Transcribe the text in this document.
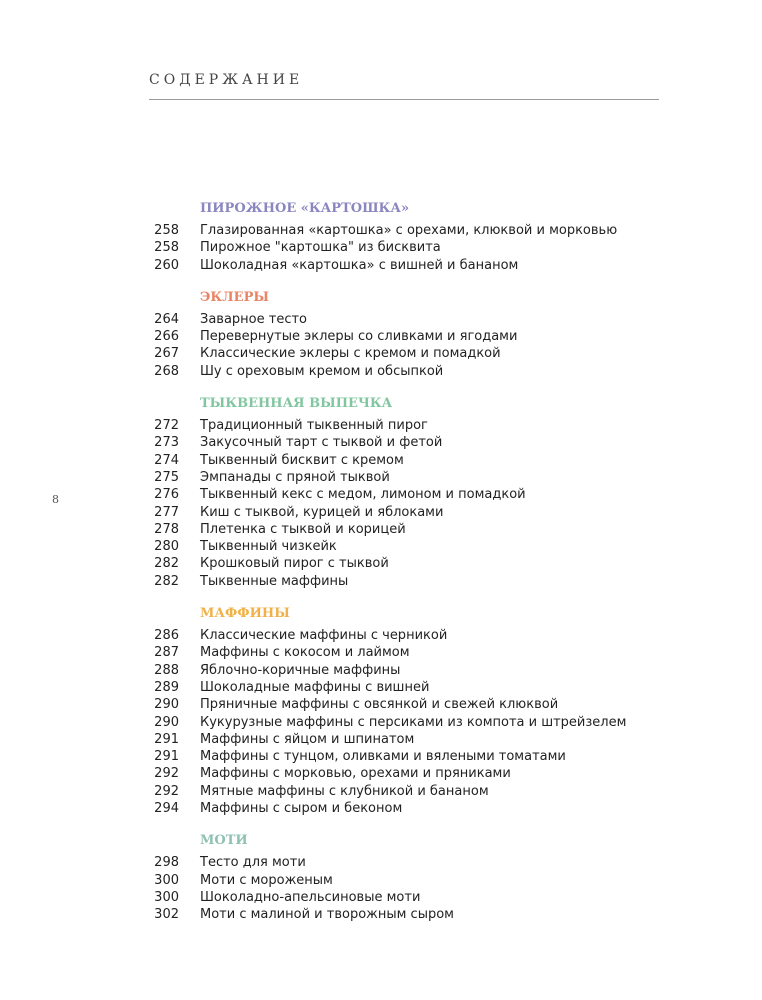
СОДЕРЖАНИЕ
8
ПИРОЖНОЕ «КАРТОШКА»
258	Глазированная «картошка» с орехами, клюквой и морковью
258	Пирожное "картошка" из бисквита
260	Шоколадная «картошка» с вишней и бананом
ЭКЛЕРЫ
264	Заварное тесто
266	Перевернутые эклеры со сливками и ягодами
267	Классические эклеры с кремом и помадкой
268	Шу с ореховым кремом и обсыпкой
ТЫКВЕННАЯ ВЫПЕЧКА
272	Традиционный тыквенный пирог
273	Закусочный тарт с тыквой и фетой
274	Тыквенный бисквит с кремом
275	Эмпанады с пряной тыквой
276	Тыквенный кекс с медом, лимоном и помадкой
277	Киш с тыквой, курицей и яблоками
278	Плетенка с тыквой и корицей
280	Тыквенный чизкейк
282	Крошковый пирог с тыквой
282	Тыквенные маффины
МАФФИНЫ
286	Классические маффины с черникой
287	Маффины с кокосом и лаймом
288	Яблочно-коричные маффины
289	Шоколадные маффины с вишней
290	Пряничные маффины с овсянкой и свежей клюквой
290	Кукурузные маффины с персиками из компота и штрейзелем
291	Маффины с яйцом и шпинатом
291	Маффины с тунцом, оливками и вялеными томатами
292	Маффины с морковью, орехами и пряниками
292	Мятные маффины с клубникой и бананом
294	Маффины с сыром и беконом
МОТИ
298	Тесто для моти
300	Моти с мороженым
300	Шоколадно-апельсиновые моти
302	Моти с малиной и творожным сыром
